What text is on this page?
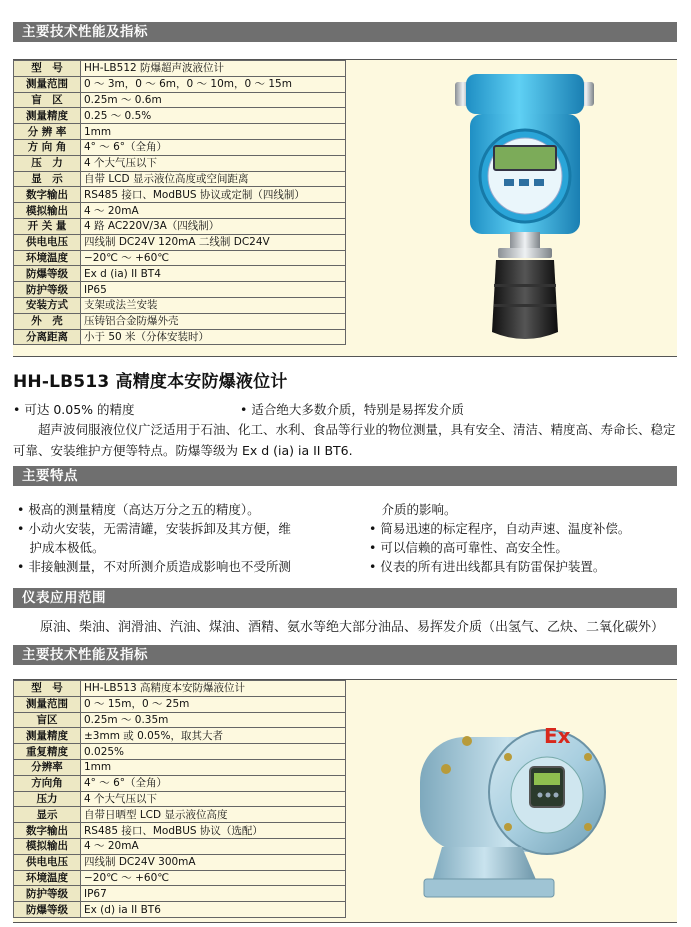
主要技术性能及指标
型　号	HH-LB512 防爆超声波液位计
测量范围	0 ～ 3m，0 ～ 6m，0 ～ 10m，0 ～ 15m
盲　区	0.25m ～ 0.6m
测量精度	0.25 ～ 0.5%
分 辨 率	1mm
方 向 角	4° ～ 6°（全角）
压　力	4 个大气压以下
显　示	自带 LCD 显示液位高度或空间距离
数字输出	RS485 接口、ModBUS 协议或定制（四线制）
模拟输出	4 ～ 20mA
开 关 量	4 路 AC220V/3A（四线制）
供电电压	四线制 DC24V 120mA 二线制 DC24V
环境温度	−20℃ ～ +60℃
防爆等级	Ex d (ia) II BT4
防护等级	IP65
安装方式	支架或法兰安装
外　壳	压铸铝合金防爆外壳
分离距离	小于 50 米（分体安装时）
HH-LB513 高精度本安防爆液位计
• 可达 0.05% 的精度	• 适合绝大多数介质，特别是易挥发介质
　　超声波伺服液位仪广泛适用于石油、化工、水利、食品等行业的物位测量，具有安全、清洁、精度高、寿命长、稳定可靠、安装维护方便等特点。防爆等级为 Ex d (ia) ia II BT6.
主要特点
• 极高的测量精度（高达万分之五的精度）。
• 小动火安装，无需清罐，安装拆卸及其方便，维
　护成本极低。
• 非接触测量，不对所测介质造成影响也不受所测
　介质的影响。
• 简易迅速的标定程序，自动声速、温度补偿。
• 可以信赖的高可靠性、高安全性。
• 仪表的所有进出线都具有防雷保护装置。
仪表应用范围
原油、柴油、润滑油、汽油、煤油、酒精、氨水等绝大部分油品、易挥发介质（出氢气、乙炔、二氧化碳外）
主要技术性能及指标
型　号	HH-LB513 高精度本安防爆液位计
测量范围	0 ～ 15m，0 ～ 25m
盲区	0.25m ～ 0.35m
测量精度	±3mm 或 0.05%，取其大者
重复精度	0.025%
分辨率	1mm
方向角	4° ～ 6°（全角）
压力	4 个大气压以下
显示	自带日晒型 LCD 显示液位高度
数字输出	RS485 接口、ModBUS 协议（选配）
模拟输出	4 ～ 20mA
供电电压	四线制 DC24V 300mA
环境温度	−20℃ ～ +60℃
防护等级	IP67
防爆等级	Ex (d) ia II BT6
Ex
